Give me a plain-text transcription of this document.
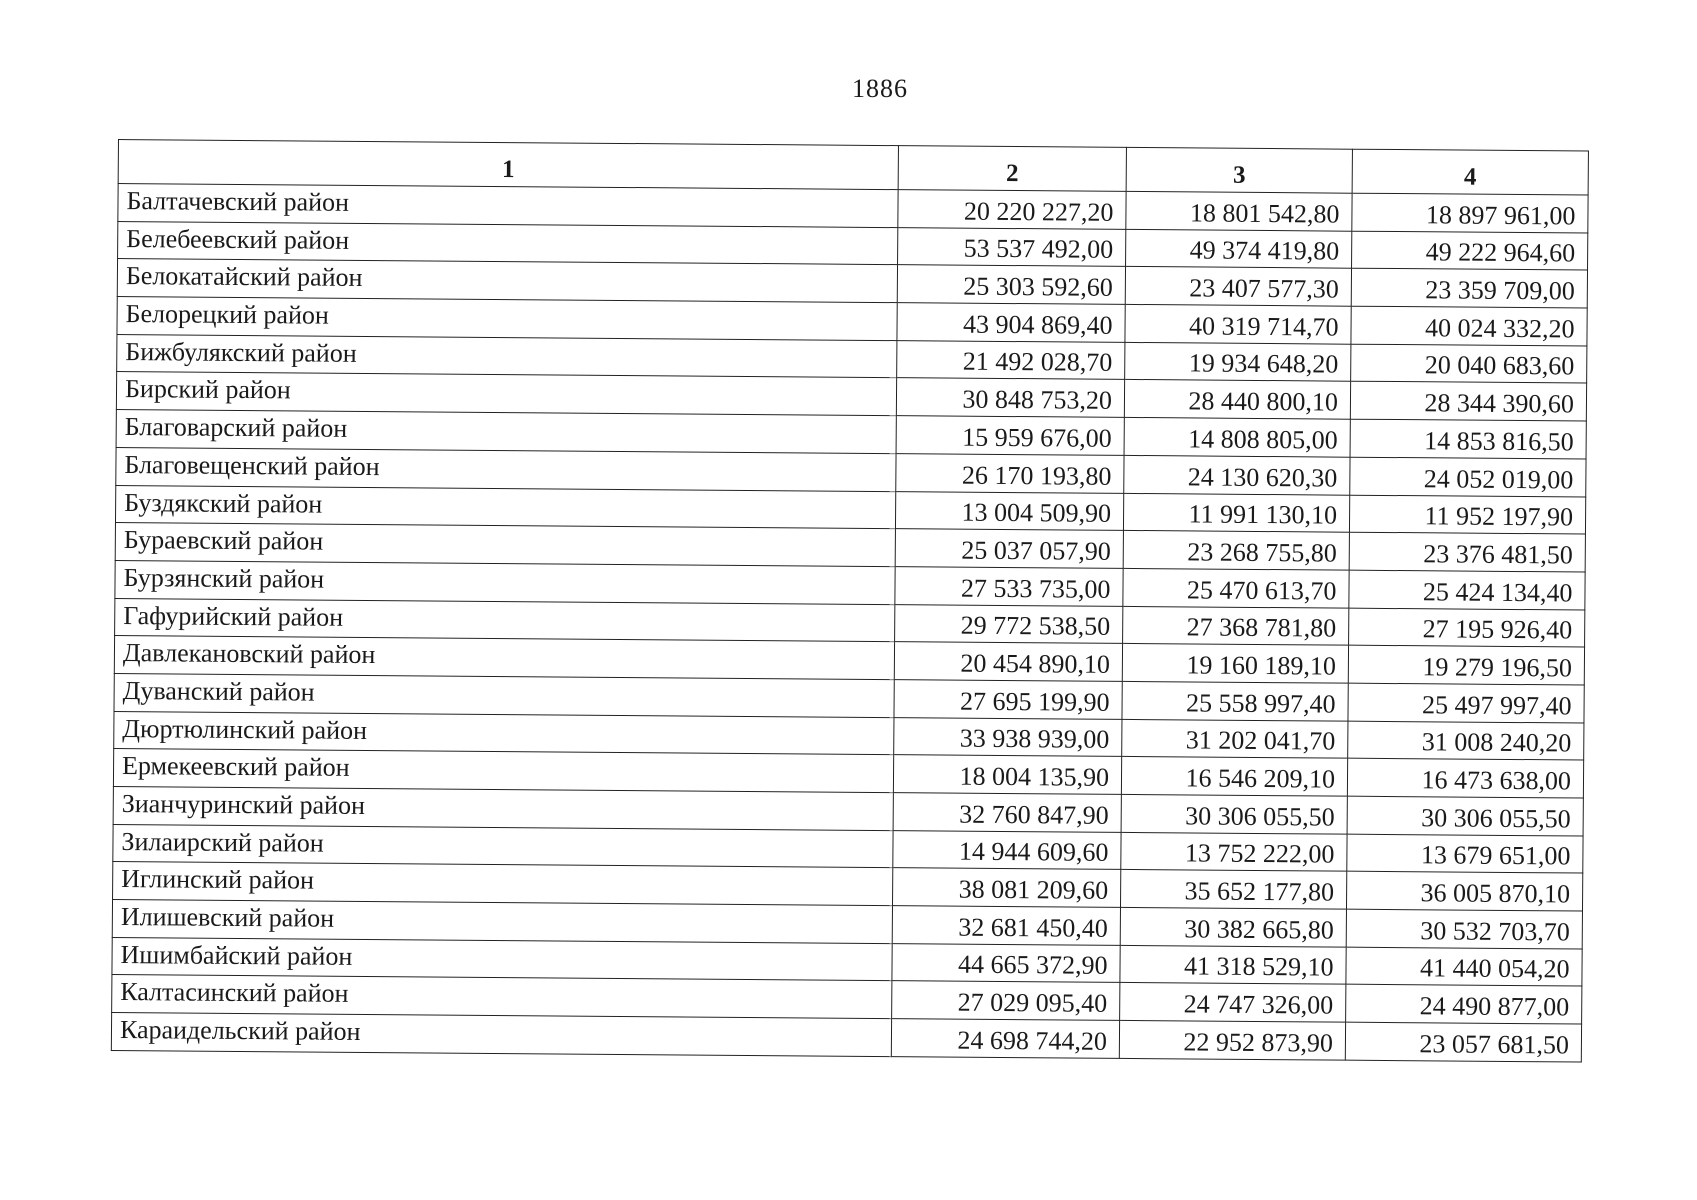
1886
1	2	3	4
Балтачевский район	20 220 227,20	18 801 542,80	18 897 961,00
Белебеевский район	53 537 492,00	49 374 419,80	49 222 964,60
Белокатайский район	25 303 592,60	23 407 577,30	23 359 709,00
Белорецкий район	43 904 869,40	40 319 714,70	40 024 332,20
Бижбулякский район	21 492 028,70	19 934 648,20	20 040 683,60
Бирский район	30 848 753,20	28 440 800,10	28 344 390,60
Благоварский район	15 959 676,00	14 808 805,00	14 853 816,50
Благовещенский район	26 170 193,80	24 130 620,30	24 052 019,00
Буздякский район	13 004 509,90	11 991 130,10	11 952 197,90
Бураевский район	25 037 057,90	23 268 755,80	23 376 481,50
Бурзянский район	27 533 735,00	25 470 613,70	25 424 134,40
Гафурийский район	29 772 538,50	27 368 781,80	27 195 926,40
Давлекановский район	20 454 890,10	19 160 189,10	19 279 196,50
Дуванский район	27 695 199,90	25 558 997,40	25 497 997,40
Дюртюлинский район	33 938 939,00	31 202 041,70	31 008 240,20
Ермекеевский район	18 004 135,90	16 546 209,10	16 473 638,00
Зианчуринский район	32 760 847,90	30 306 055,50	30 306 055,50
Зилаирский район	14 944 609,60	13 752 222,00	13 679 651,00
Иглинский район	38 081 209,60	35 652 177,80	36 005 870,10
Илишевский район	32 681 450,40	30 382 665,80	30 532 703,70
Ишимбайский район	44 665 372,90	41 318 529,10	41 440 054,20
Калтасинский район	27 029 095,40	24 747 326,00	24 490 877,00
Караидельский район	24 698 744,20	22 952 873,90	23 057 681,50
